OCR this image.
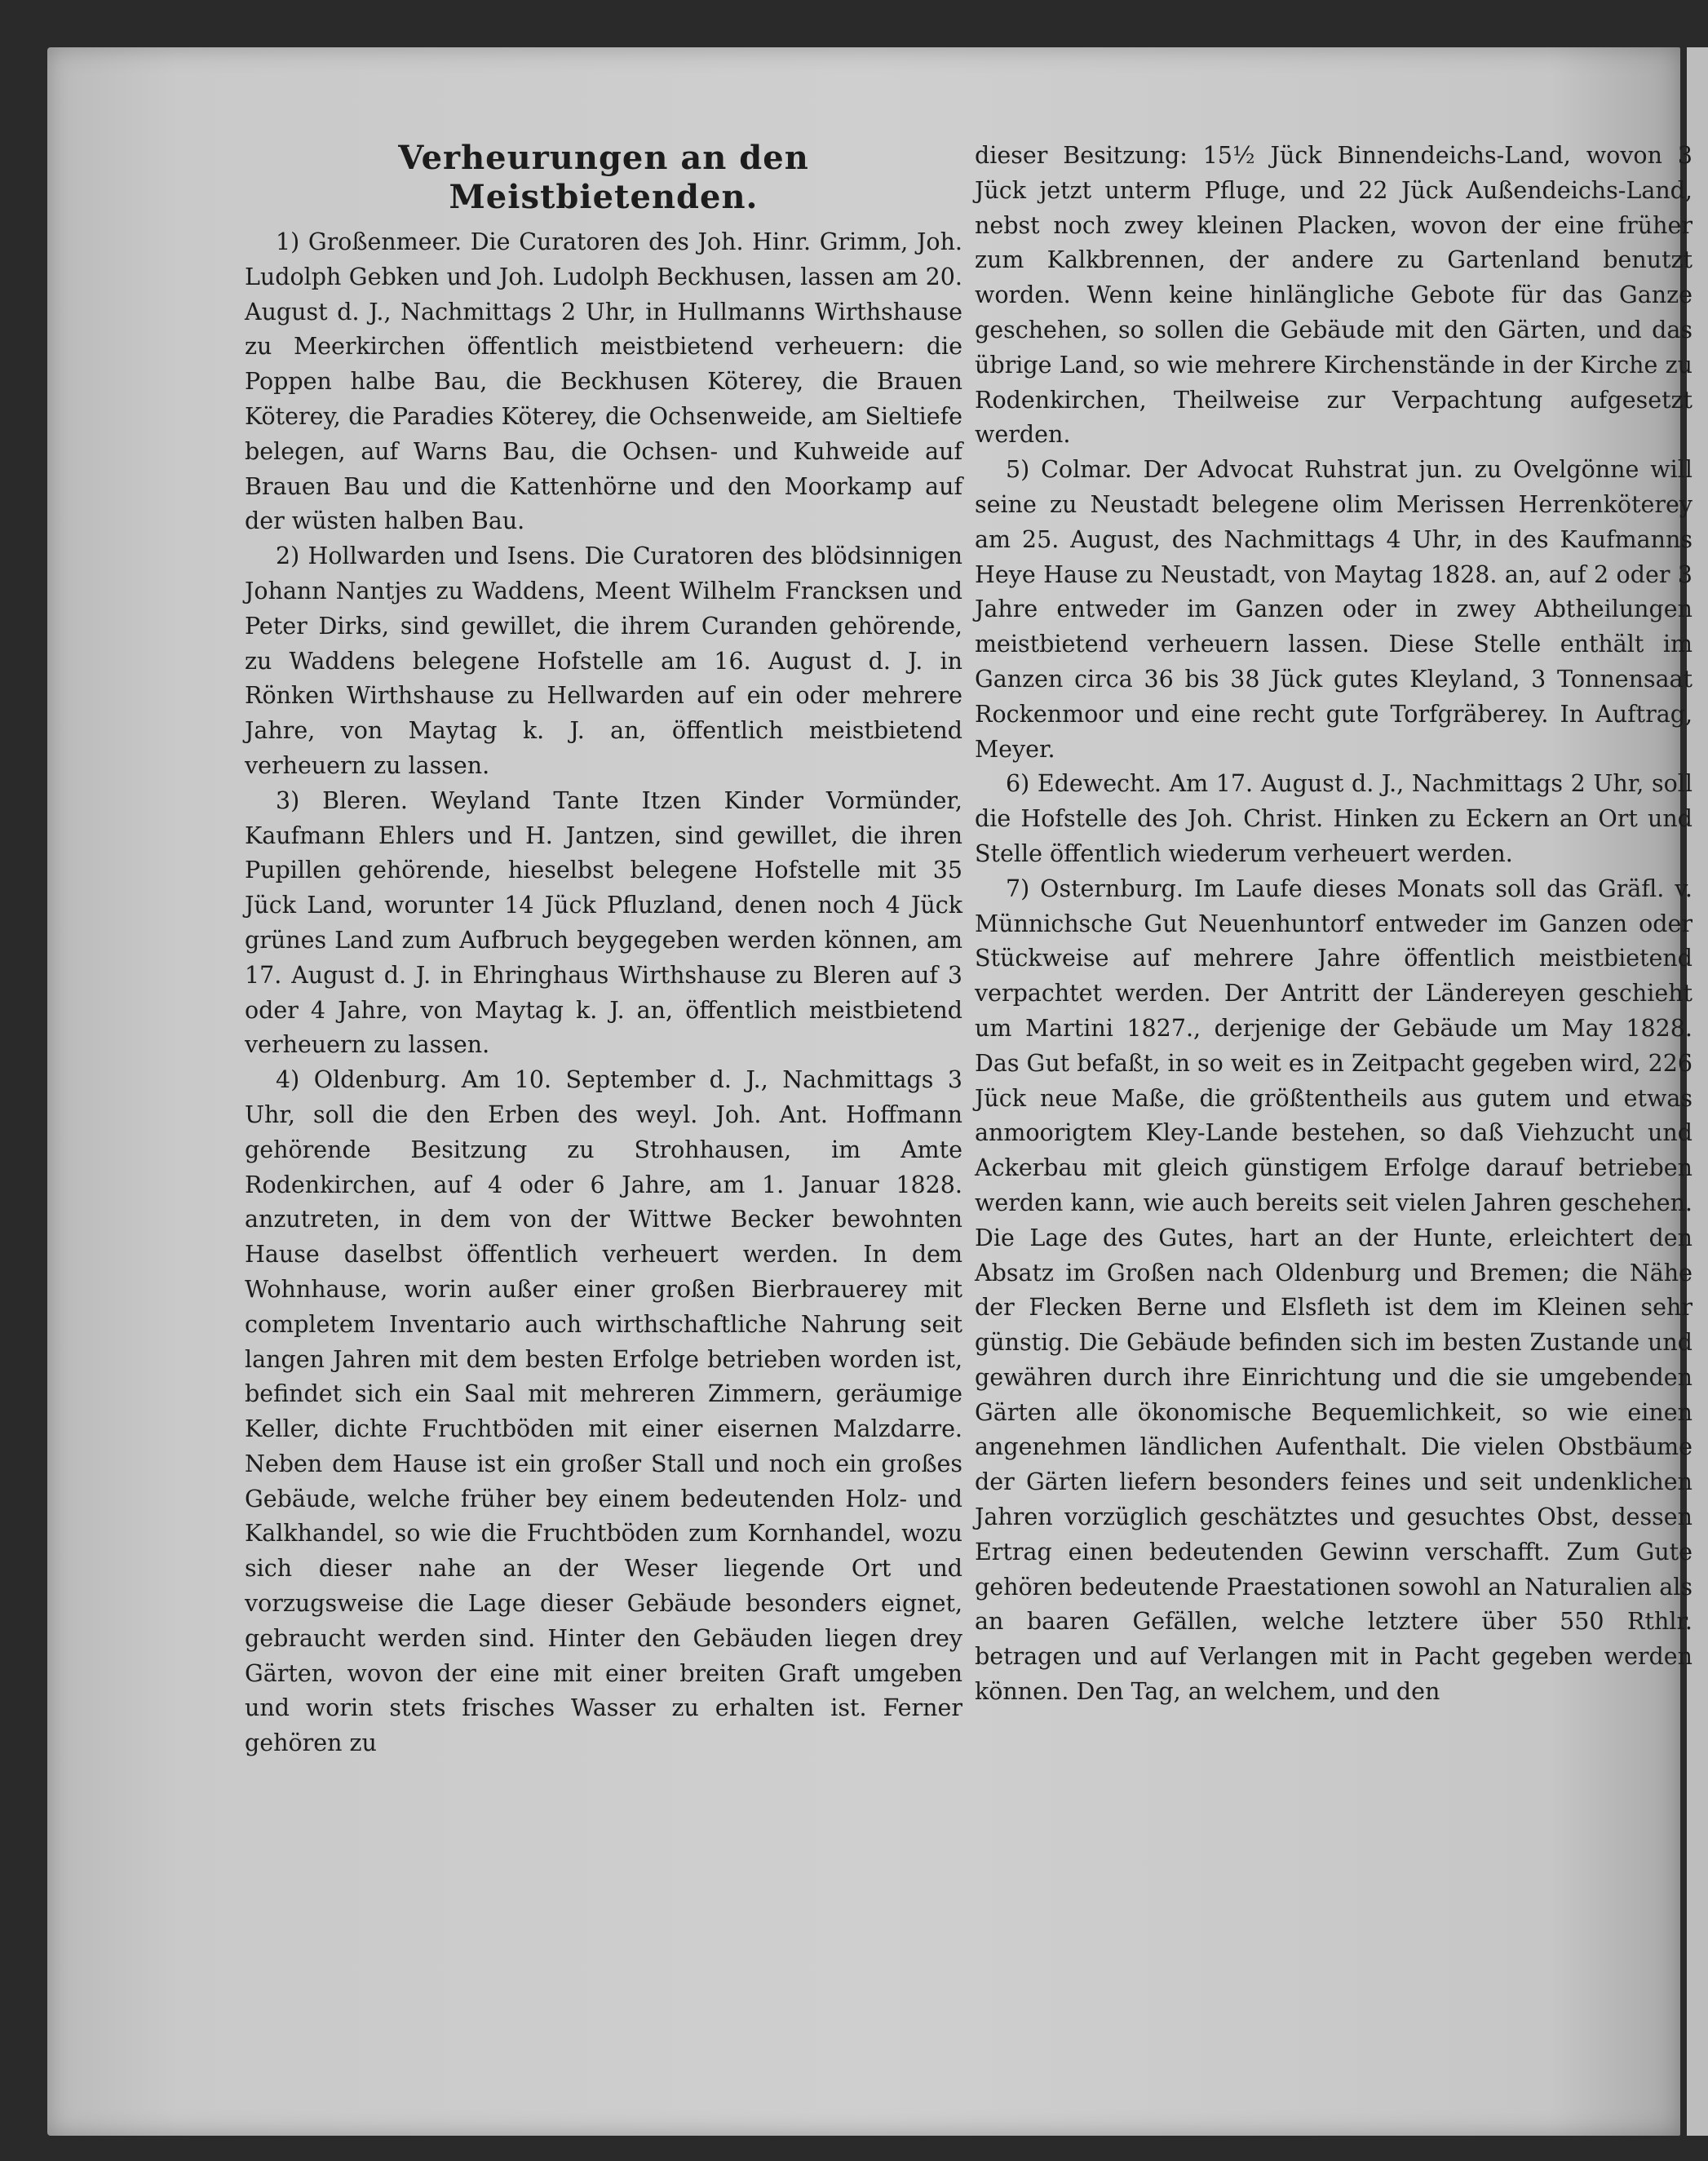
Verheurungen an den Meistbietenden.

1) Großenmeer. Die Curatoren des Joh. Hinr. Grimm, Joh. Ludolph Gebken und Joh. Ludolph Beckhusen, lassen am 20. August d. J., Nachmittags 2 Uhr, in Hullmanns Wirthshause zu Meerkirchen öffentlich meistbietend verheuern: die Poppen halbe Bau, die Beckhusen Köterey, die Brauen Köterey, die Paradies Köterey, die Ochsenweide, am Sieltiefe belegen, auf Warns Bau, die Ochsen- und Kuhweide auf Brauen Bau und die Kattenhörne und den Moorkamp auf der wüsten halben Bau.

2) Hollwarden und Isens. Die Curatoren des blödsinnigen Johann Nantjes zu Waddens, Meent Wilhelm Francksen und Peter Dirks, sind gewillet, die ihrem Curanden gehörende, zu Waddens belegene Hofstelle am 16. August d. J. in Rönken Wirthshause zu Hellwarden auf ein oder mehrere Jahre, von Maytag k. J. an, öffentlich meistbietend verheuern zu lassen.

3) Bleren. Weyland Tante Itzen Kinder Vormünder, Kaufmann Ehlers und H. Jantzen, sind gewillet, die ihren Pupillen gehörende, hieselbst belegene Hofstelle mit 35 Jück Land, worunter 14 Jück Pfluzland, denen noch 4 Jück grünes Land zum Aufbruch beygegeben werden können, am 17. August d. J. in Ehringhaus Wirthshause zu Bleren auf 3 oder 4 Jahre, von Maytag k. J. an, öffentlich meistbietend verheuern zu lassen.

4) Oldenburg. Am 10. September d. J., Nachmittags 3 Uhr, soll die den Erben des weyl. Joh. Ant. Hoffmann gehörende Besitzung zu Strohhausen, im Amte Rodenkirchen, auf 4 oder 6 Jahre, am 1. Januar 1828. anzutreten, in dem von der Wittwe Becker bewohnten Hause daselbst öffentlich verheuert werden. In dem Wohnhause, worin außer einer großen Bierbrauerey mit completem Inventario auch wirthschaftliche Nahrung seit langen Jahren mit dem besten Erfolge betrieben worden ist, befindet sich ein Saal mit mehreren Zimmern, geräumige Keller, dichte Fruchtböden mit einer eisernen Malzdarre. Neben dem Hause ist ein großer Stall und noch ein großes Gebäude, welche früher bey einem bedeutenden Holz- und Kalkhandel, so wie die Fruchtböden zum Kornhandel, wozu sich dieser nahe an der Weser liegende Ort und vorzugsweise die Lage dieser Gebäude besonders eignet, gebraucht werden sind. Hinter den Gebäuden liegen drey Gärten, wovon der eine mit einer breiten Graft umgeben und worin stets frisches Wasser zu erhalten ist. Ferner gehören zu

dieser Besitzung: 15½ Jück Binnendeichs-Land, wovon 3 Jück jetzt unterm Pfluge, und 22 Jück Außendeichs-Land, nebst noch zwey kleinen Placken, wovon der eine früher zum Kalkbrennen, der andere zu Gartenland benutzt worden. Wenn keine hinlängliche Gebote für das Ganze geschehen, so sollen die Gebäude mit den Gärten, und das übrige Land, so wie mehrere Kirchenstände in der Kirche zu Rodenkirchen, Theilweise zur Verpachtung aufgesetzt werden.

5) Colmar. Der Advocat Ruhstrat jun. zu Ovelgönne will seine zu Neustadt belegene olim Merissen Herrenköterey am 25. August, des Nachmittags 4 Uhr, in des Kaufmanns Heye Hause zu Neustadt, von Maytag 1828. an, auf 2 oder 3 Jahre entweder im Ganzen oder in zwey Abtheilungen meistbietend verheuern lassen. Diese Stelle enthält im Ganzen circa 36 bis 38 Jück gutes Kleyland, 3 Tonnensaat Rockenmoor und eine recht gute Torfgräberey. In Auftrag, Meyer.

6) Edewecht. Am 17. August d. J., Nachmittags 2 Uhr, soll die Hofstelle des Joh. Christ. Hinken zu Eckern an Ort und Stelle öffentlich wiederum verheuert werden.

7) Osternburg. Im Laufe dieses Monats soll das Gräfl. v. Münnichsche Gut Neuenhuntorf entweder im Ganzen oder Stückweise auf mehrere Jahre öffentlich meistbietend verpachtet werden. Der Antritt der Ländereyen geschieht um Martini 1827., derjenige der Gebäude um May 1828. Das Gut befaßt, in so weit es in Zeitpacht gegeben wird, 226 Jück neue Maße, die größtentheils aus gutem und etwas anmoorigtem Kley-Lande bestehen, so daß Viehzucht und Ackerbau mit gleich günstigem Erfolge darauf betrieben werden kann, wie auch bereits seit vielen Jahren geschehen. Die Lage des Gutes, hart an der Hunte, erleichtert den Absatz im Großen nach Oldenburg und Bremen; die Nähe der Flecken Berne und Elsfleth ist dem im Kleinen sehr günstig. Die Gebäude befinden sich im besten Zustande und gewähren durch ihre Einrichtung und die sie umgebenden Gärten alle ökonomische Bequemlichkeit, so wie einen angenehmen ländlichen Aufenthalt. Die vielen Obstbäume der Gärten liefern besonders feines und seit undenklichen Jahren vorzüglich geschätztes und gesuchtes Obst, dessen Ertrag einen bedeutenden Gewinn verschafft. Zum Gute gehören bedeutende Praestationen sowohl an Naturalien als an baaren Gefällen, welche letztere über 550 Rthlr. betragen und auf Verlangen mit in Pacht gegeben werden können. Den Tag, an welchem, und den
